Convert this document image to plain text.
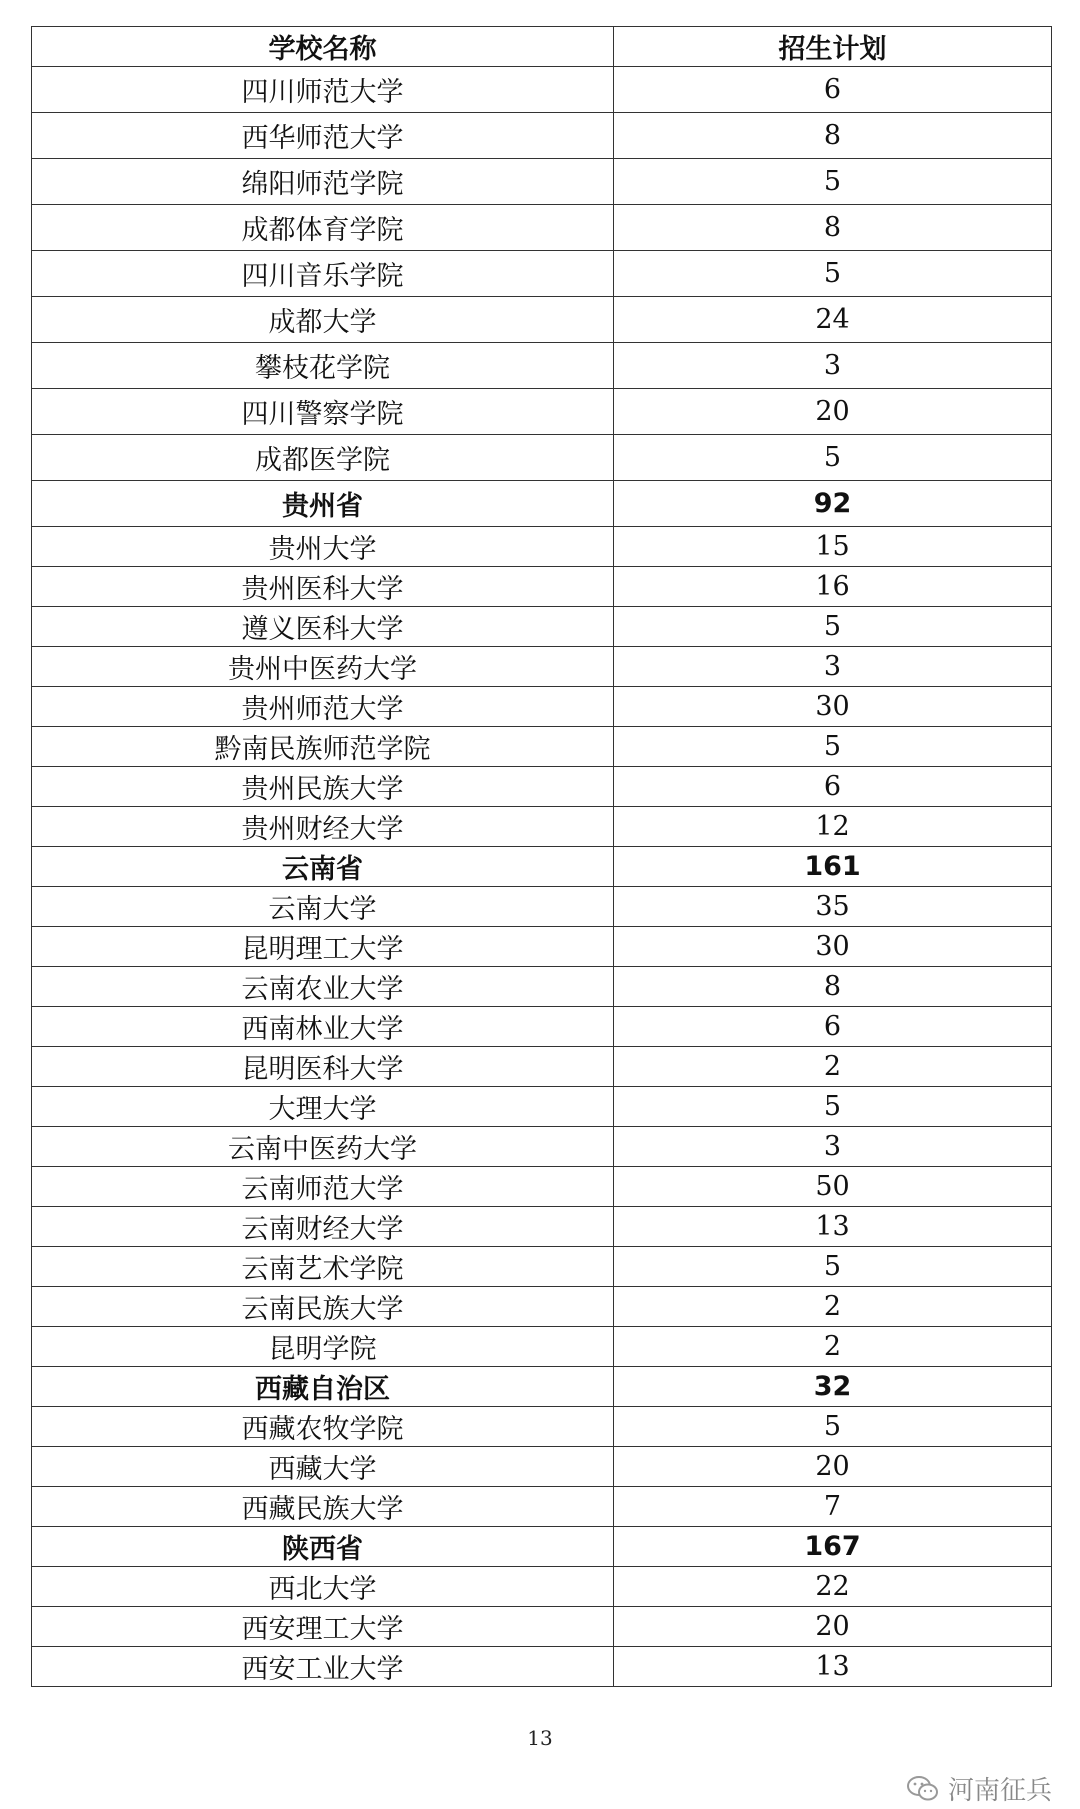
学校名称	招生计划
四川师范大学	6
西华师范大学	8
绵阳师范学院	5
成都体育学院	8
四川音乐学院	5
成都大学	24
攀枝花学院	3
四川警察学院	20
成都医学院	5
贵州省	92
贵州大学	15
贵州医科大学	16
遵义医科大学	5
贵州中医药大学	3
贵州师范大学	30
黔南民族师范学院	5
贵州民族大学	6
贵州财经大学	12
云南省	161
云南大学	35
昆明理工大学	30
云南农业大学	8
西南林业大学	6
昆明医科大学	2
大理大学	5
云南中医药大学	3
云南师范大学	50
云南财经大学	13
云南艺术学院	5
云南民族大学	2
昆明学院	2
西藏自治区	32
西藏农牧学院	5
西藏大学	20
西藏民族大学	7
陕西省	167
西北大学	22
西安理工大学	20
西安工业大学	13
13
河南征兵
